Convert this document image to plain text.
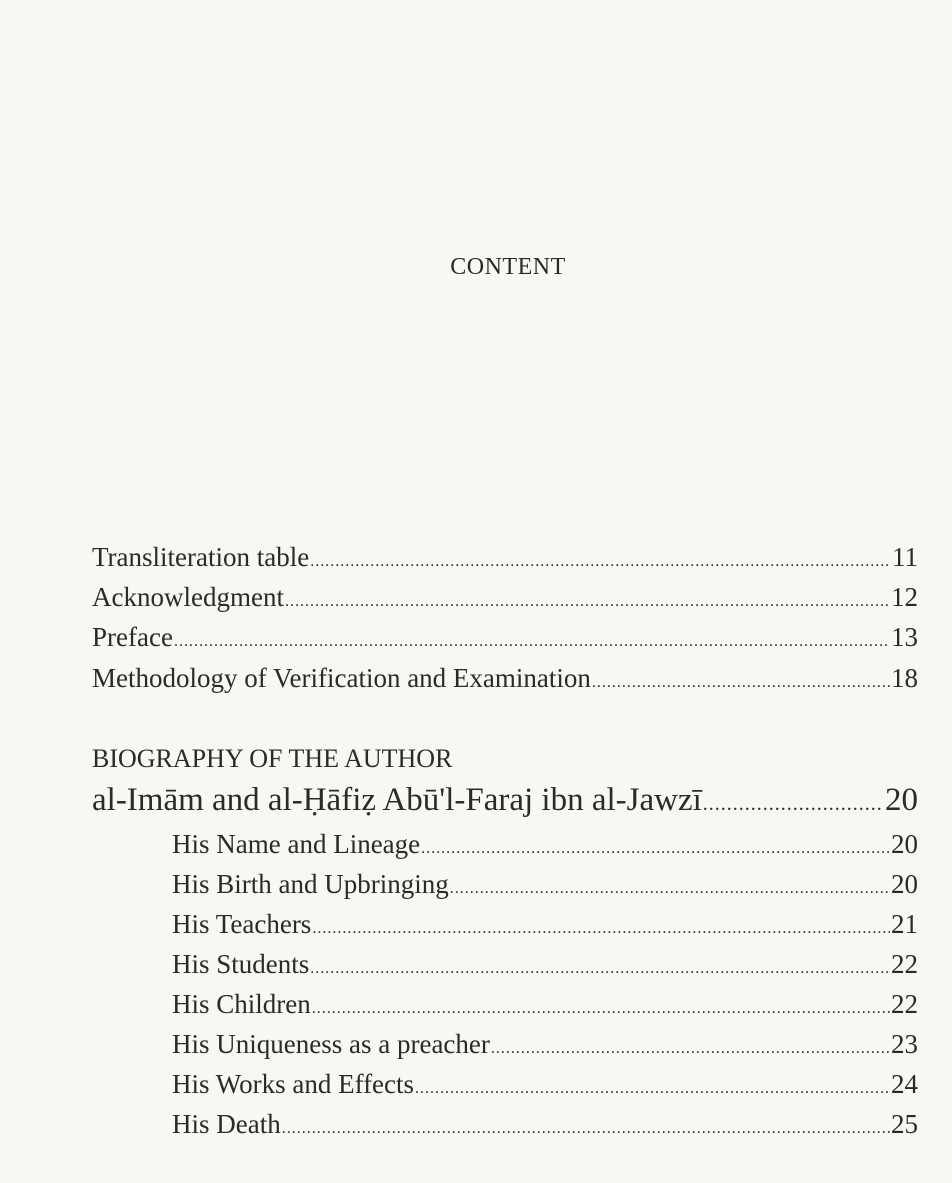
CONTENT
Transliteration table .....	11
Acknowledgment .....	12
Preface .....	13
Methodology of Verification and Examination .....	18
BIOGRAPHY OF THE AUTHOR
al-Imām and al-Ḥāfiẓ Abū'l-Faraj ibn al-Jawzī .....	20
His Name and Lineage .....	20
His Birth and Upbringing .....	20
His Teachers .....	21
His Students .....	22
His Children .....	22
His Uniqueness as a preacher .....	23
His Works and Effects .....	24
His Death .....	25
